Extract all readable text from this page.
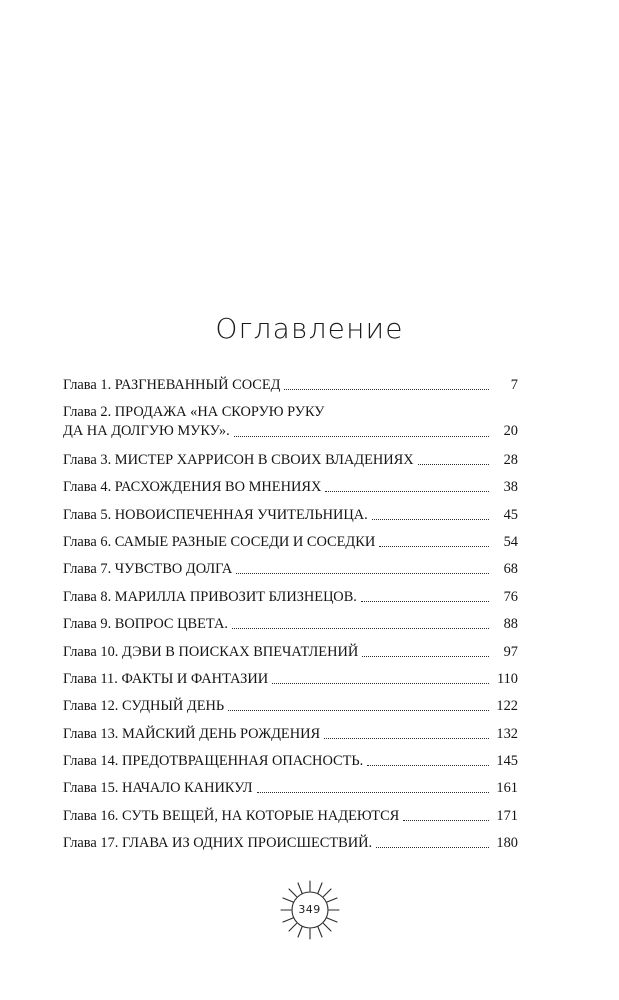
Оглавление
Глава 1. РАЗГНЕВАННЫЙ СОСЕД	7
Глава 2. ПРОДАЖА «НА СКОРУЮ РУКУ
ДА НА ДОЛГУЮ МУКУ».	20
Глава 3. МИСТЕР ХАРРИСОН В СВОИХ ВЛАДЕНИЯХ	28
Глава 4. РАСХОЖДЕНИЯ ВО МНЕНИЯХ	38
Глава 5. НОВОИСПЕЧЕННАЯ УЧИТЕЛЬНИЦА.	45
Глава 6. САМЫЕ РАЗНЫЕ СОСЕДИ И СОСЕДКИ	54
Глава 7. ЧУВСТВО ДОЛГА	68
Глава 8. МАРИЛЛА ПРИВОЗИТ БЛИЗНЕЦОВ.	76
Глава 9. ВОПРОС ЦВЕТА.	88
Глава 10. ДЭВИ В ПОИСКАХ ВПЕЧАТЛЕНИЙ	97
Глава 11. ФАКТЫ И ФАНТАЗИИ	110
Глава 12. СУДНЫЙ ДЕНЬ	122
Глава 13. МАЙСКИЙ ДЕНЬ РОЖДЕНИЯ	132
Глава 14. ПРЕДОТВРАЩЕННАЯ ОПАСНОСТЬ.	145
Глава 15. НАЧАЛО КАНИКУЛ	161
Глава 16. СУТЬ ВЕЩЕЙ, НА КОТОРЫЕ НАДЕЮТСЯ	171
Глава 17. ГЛАВА ИЗ ОДНИХ ПРОИСШЕСТВИЙ.	180
349
